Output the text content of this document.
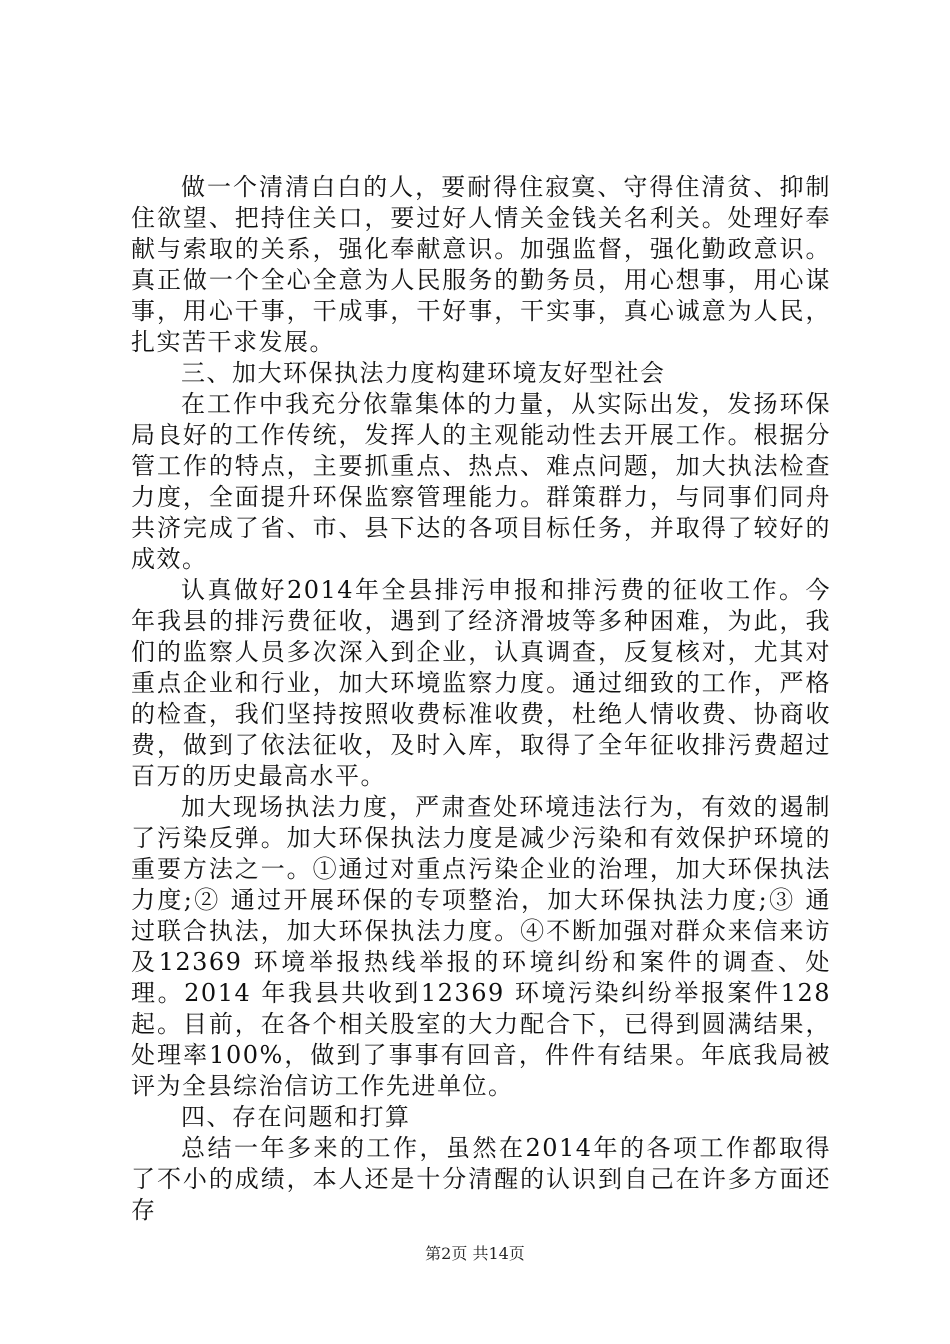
做一个清清白白的人，要耐得住寂寞、守得住清贫、抑制住欲望、把持住关口，要过好人情关金钱关名利关。处理好奉献与索取的关系，强化奉献意识。加强监督，强化勤政意识。真正做一个全心全意为人民服务的勤务员，用心想事，用心谋事，用心干事，干成事，干好事，干实事，真心诚意为人民，扎实苦干求发展。

三、加大环保执法力度构建环境友好型社会

在工作中我充分依靠集体的力量，从实际出发，发扬环保局良好的工作传统，发挥人的主观能动性去开展工作。根据分管工作的特点，主要抓重点、热点、难点问题，加大执法检查力度，全面提升环保监察管理能力。群策群力，与同事们同舟共济完成了省、市、县下达的各项目标任务，并取得了较好的成效。

认真做好2014年全县排污申报和排污费的征收工作。今年我县的排污费征收，遇到了经济滑坡等多种困难，为此，我们的监察人员多次深入到企业，认真调查，反复核对，尤其对重点企业和行业，加大环境监察力度。通过细致的工作，严格的检查，我们坚持按照收费标准收费，杜绝人情收费、协商收费，做到了依法征收，及时入库，取得了全年征收排污费超过百万的历史最高水平。

加大现场执法力度，严肃查处环境违法行为，有效的遏制了污染反弹。加大环保执法力度是减少污染和有效保护环境的重要方法之一。①通过对重点污染企业的治理，加大环保执法力度;② 通过开展环保的专项整治，加大环保执法力度;③ 通过联合执法，加大环保执法力度。④不断加强对群众来信来访及12369 环境举报热线举报的环境纠纷和案件的调查、处理。2014 年我县共收到12369 环境污染纠纷举报案件128 起。目前，在各个相关股室的大力配合下，已得到圆满结果，处理率100%，做到了事事有回音，件件有结果。年底我局被评为全县综治信访工作先进单位。

四、存在问题和打算

总结一年多来的工作，虽然在2014年的各项工作都取得了不小的成绩，本人还是十分清醒的认识到自己在许多方面还存

第2页 共14页
